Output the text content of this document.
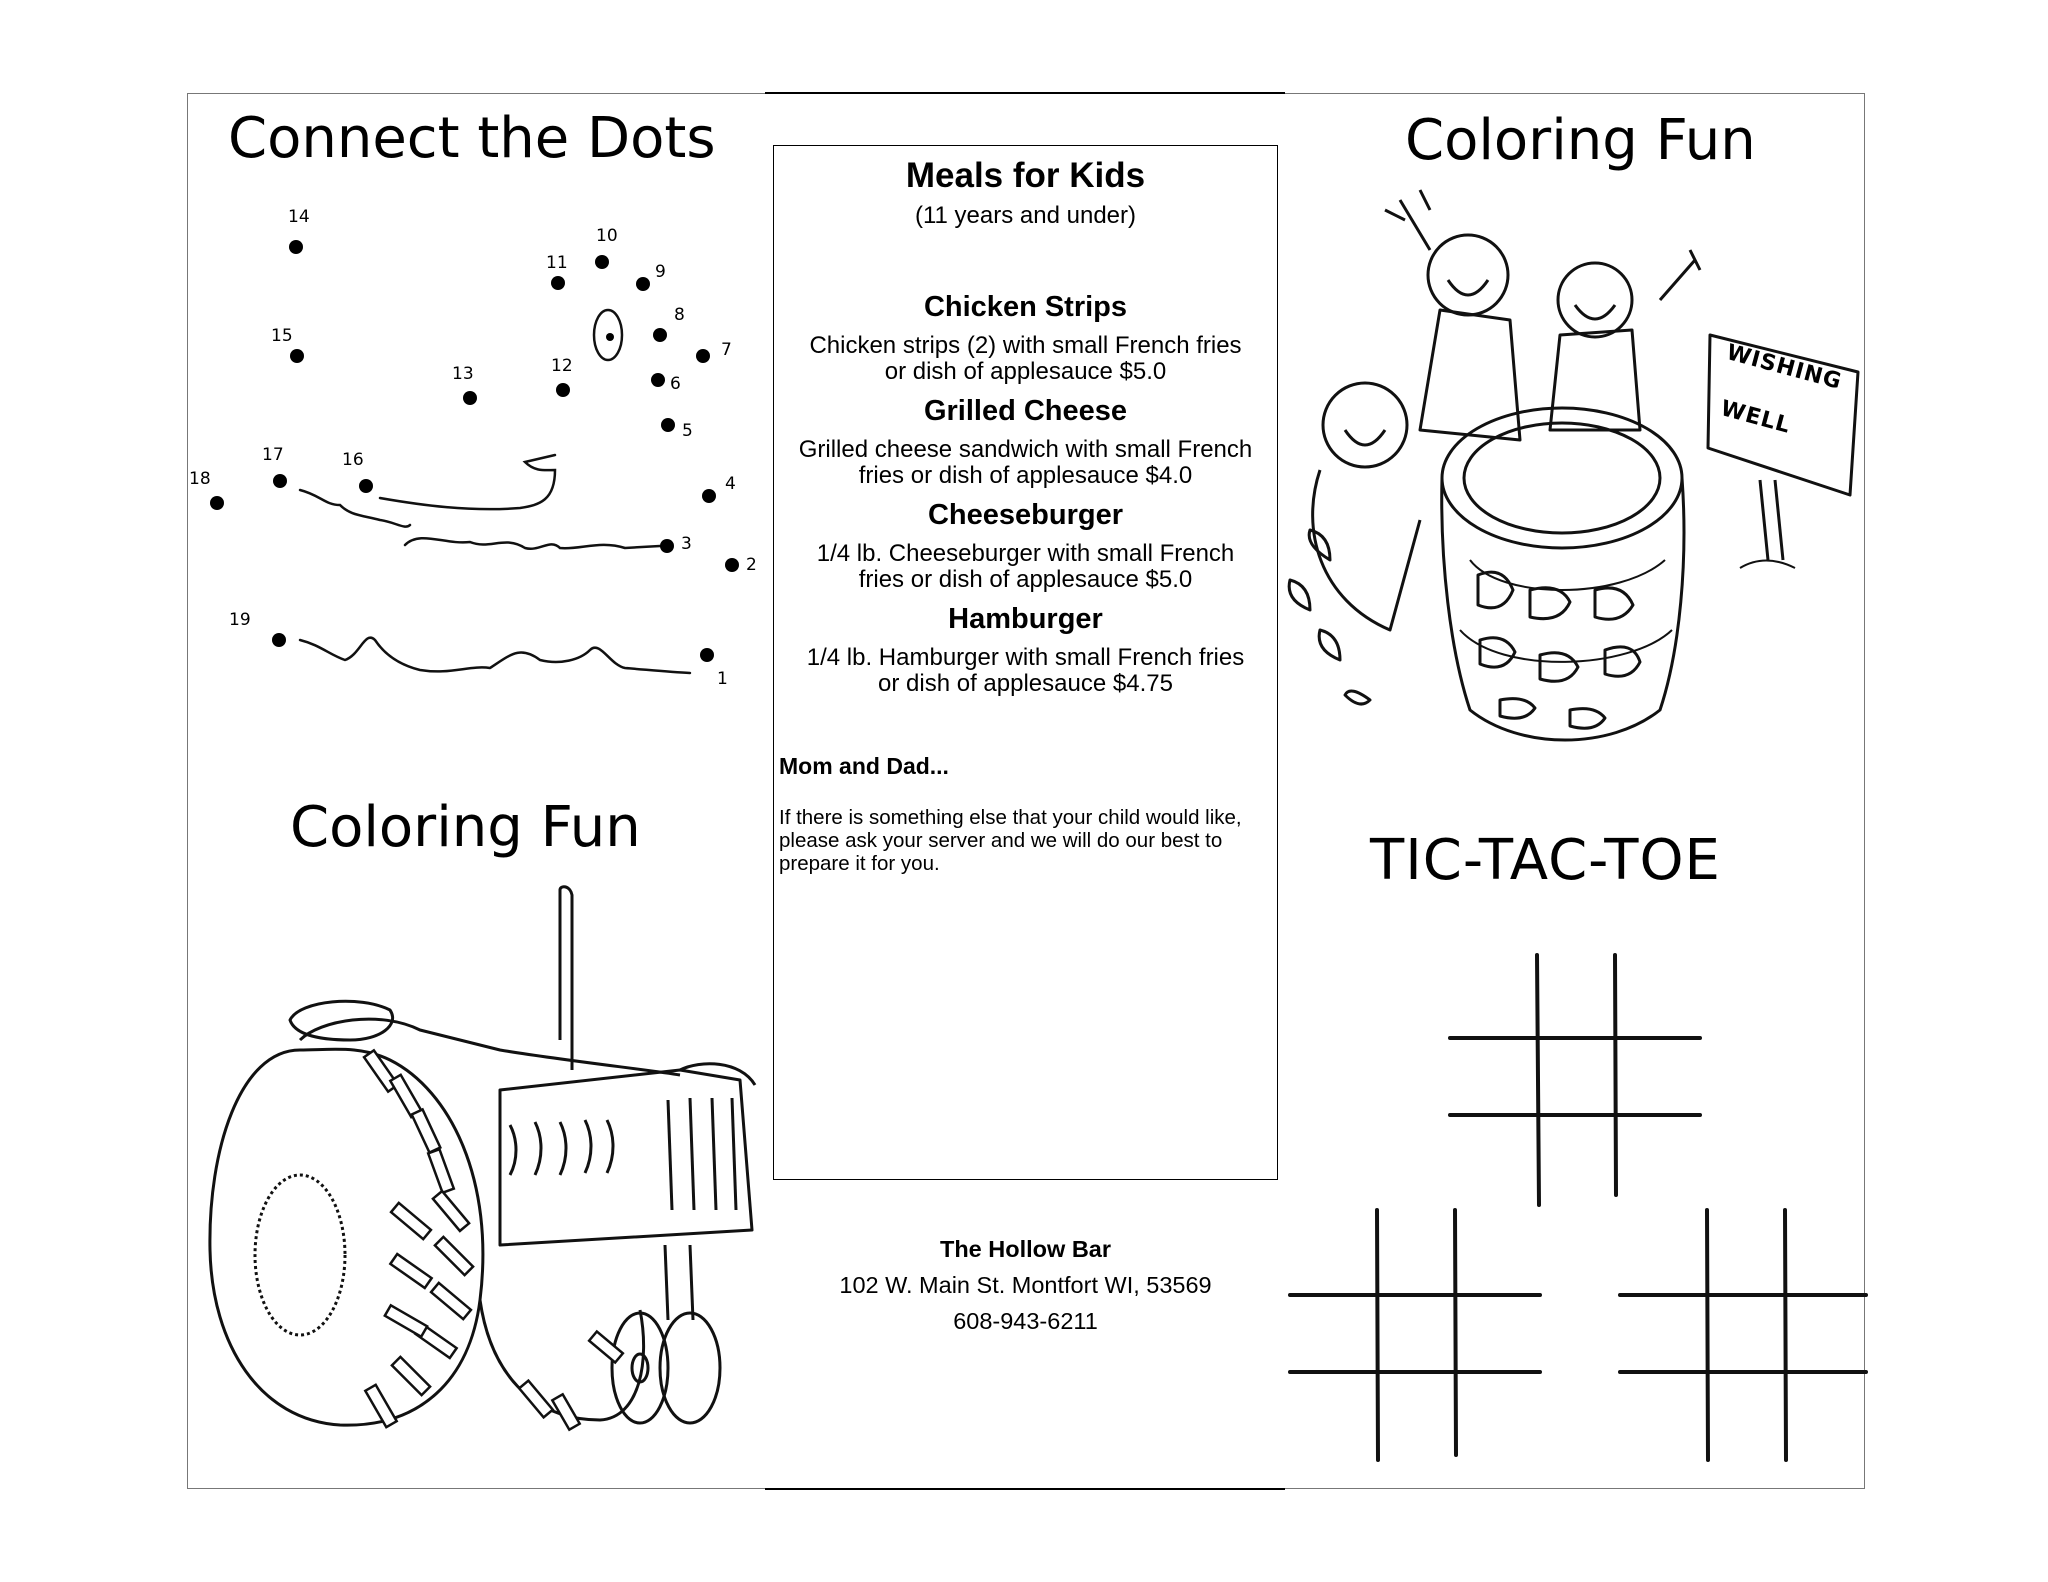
Connect the Dots
Coloring Fun
1
2
3
4
5
6
7
8
9
10
11
12
13
14
15
16
17
18
19
Coloring Fun
WISHING
WELL
TIC-TAC-TOE
Meals for Kids
(11 years and under)
Chicken Strips
Chicken strips (2) with small French fries
or dish of applesauce $5.0
Grilled Cheese
Grilled cheese sandwich with small French
fries or dish of applesauce $4.0
Cheeseburger
1/4 lb. Cheeseburger with small French
fries or dish of applesauce $5.0
Hamburger
1/4 lb. Hamburger with small French fries
or dish of applesauce $4.75
Mom and Dad...
If there is something else that your child would like, please ask your server and we will do our best to prepare it for you.
The Hollow Bar
102 W. Main St. Montfort WI, 53569
608-943-6211
